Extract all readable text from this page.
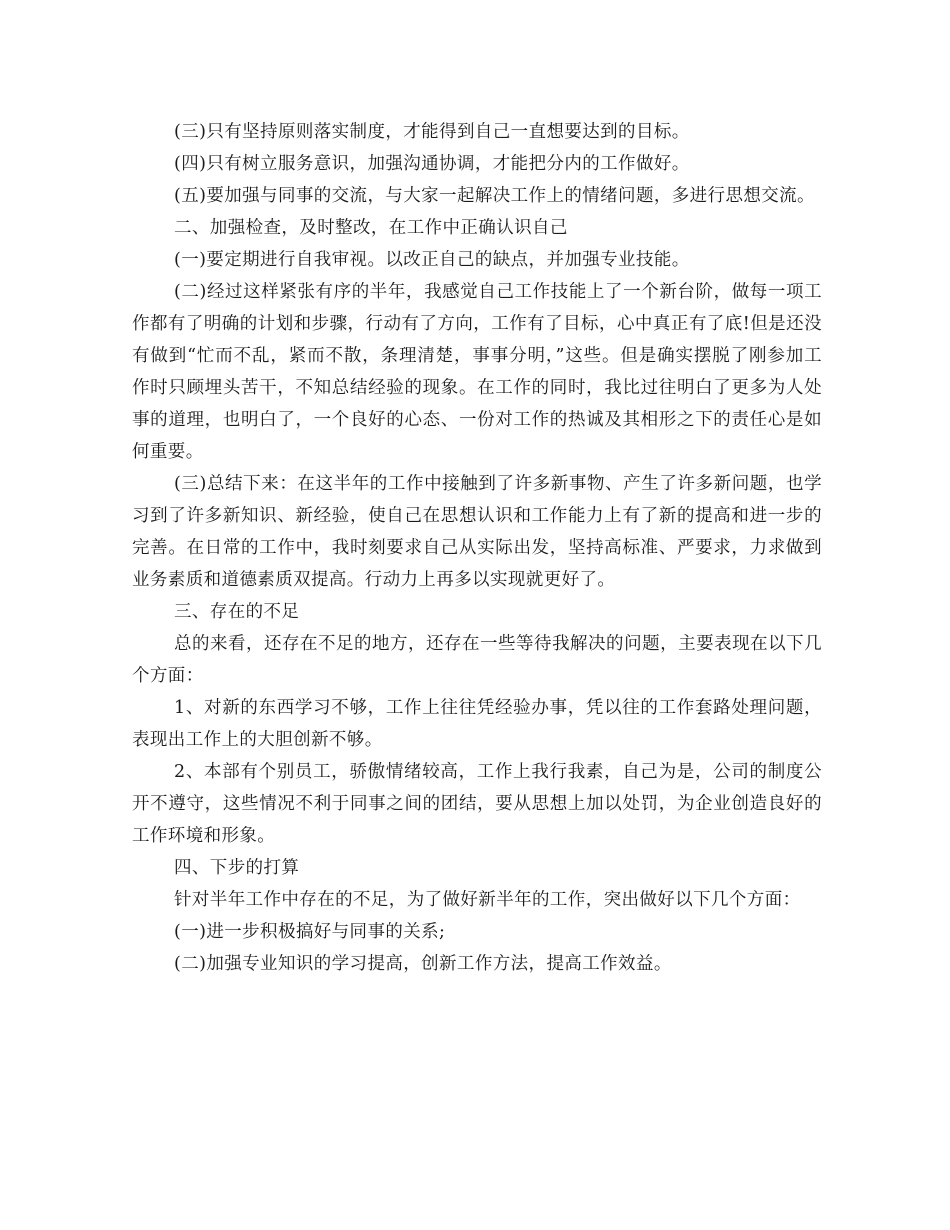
(三)只有坚持原则落实制度，才能得到自己一直想要达到的目标。

(四)只有树立服务意识，加强沟通协调，才能把分内的工作做好。

(五)要加强与同事的交流，与大家一起解决工作上的情绪问题，多进行思想交流。

二、加强检查，及时整改，在工作中正确认识自己

(一)要定期进行自我审视。以改正自己的缺点，并加强专业技能。

(二)经过这样紧张有序的半年，我感觉自己工作技能上了一个新台阶，做每一项工作都有了明确的计划和步骤，行动有了方向，工作有了目标，心中真正有了底!但是还没有做到“忙而不乱，紧而不散，条理清楚，事事分明，”这些。但是确实摆脱了刚参加工作时只顾埋头苦干，不知总结经验的现象。在工作的同时，我比过往明白了更多为人处事的道理，也明白了，一个良好的心态、一份对工作的热诚及其相形之下的责任心是如何重要。

(三)总结下来：在这半年的工作中接触到了许多新事物、产生了许多新问题，也学习到了许多新知识、新经验，使自己在思想认识和工作能力上有了新的提高和进一步的完善。在日常的工作中，我时刻要求自己从实际出发，坚持高标准、严要求，力求做到业务素质和道德素质双提高。行动力上再多以实现就更好了。

三、存在的不足

总的来看，还存在不足的地方，还存在一些等待我解决的问题，主要表现在以下几个方面：

1、对新的东西学习不够，工作上往往凭经验办事，凭以往的工作套路处理问题，表现出工作上的大胆创新不够。

2、本部有个别员工，骄傲情绪较高，工作上我行我素，自己为是，公司的制度公开不遵守，这些情况不利于同事之间的团结，要从思想上加以处罚，为企业创造良好的工作环境和形象。

四、下步的打算

针对半年工作中存在的不足，为了做好新半年的工作，突出做好以下几个方面：

(一)进一步积极搞好与同事的关系;

(二)加强专业知识的学习提高，创新工作方法，提高工作效益。
